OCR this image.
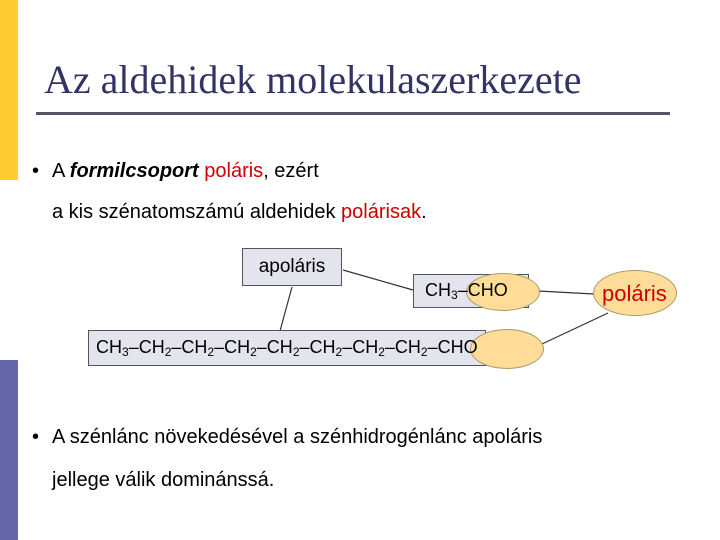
Az aldehidek molekulaszerkezete
• A formilcsoport poláris, ezért
a kis szénatomszámú aldehidek polárisak.
apoláris
$CH_3$–CHO	poláris
$CH_3-CH_2-CH_2-CH_2-CH_2-CH_2-CH_2-CH_2$–CHO
• A szénlánc növekedésével a szénhidrogénlánc apoláris
jellege válik dominánssá.
